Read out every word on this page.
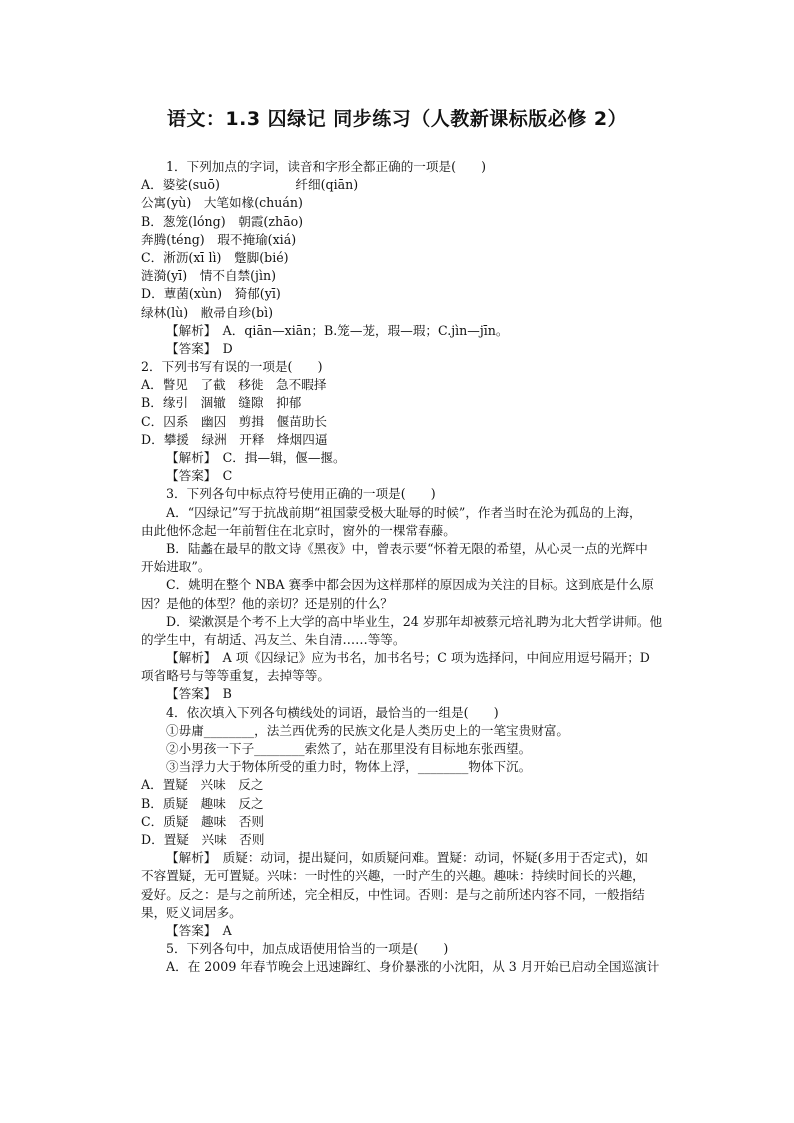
语文：1.3 囚绿记 同步练习（人教新课标版必修 2）
1．下列加点的字词，读音和字形全都正确的一项是(　　)
A．婆娑(suō)　　　　　　纤细(qiān)
公寓(yù)　大笔如椽(chuán)
B．葱笼(lóng)　朝霞(zhāo)
奔腾(téng)　瑕不掩瑜(xiá)
C．淅沥(xī lì)　蹩脚(bié)
涟漪(yī)　情不自禁(jìn)
D．蕈菌(xùn)　猗郁(yī)
绿林(lù)　敝帚自珍(bì)
【解析】　A．qiān—xiān；B.笼—茏，瑕—瑕；C.jìn—jīn。
【答案】　D
2．下列书写有误的一项是(　　)
A．瞥见　了截　移徙　急不暇择
B．缘引　涸辙　缝隙　抑郁
C．囚系　幽囚　剪揖　偃苗助长
D．攀援　绿洲　开释　烽烟四逼
【解析】　C．揖—辑，偃—揠。
【答案】　C
3．下列各句中标点符号使用正确的一项是(　　)
A．“囚绿记”写于抗战前期“祖国蒙受极大耻辱的时候”，作者当时在沦为孤岛的上海，
由此他怀念起一年前暂住在北京时，窗外的一棵常春藤。
B．陆蠡在最早的散文诗《黑夜》中，曾表示要“怀着无限的希望，从心灵一点的光辉中
开始进取”。
C．姚明在整个 NBA 赛季中都会因为这样那样的原因成为关注的目标。这到底是什么原
因？是他的体型？他的亲切？还是别的什么？
D．梁漱溟是个考不上大学的高中毕业生，24 岁那年却被蔡元培礼聘为北大哲学讲师。他
的学生中，有胡适、冯友兰、朱自清……等等。
【解析】　A 项《囚绿记》应为书名，加书名号；C 项为选择问，中间应用逗号隔开；D
项省略号与等等重复，去掉等等。
【答案】　B
4．依次填入下列各句横线处的词语，最恰当的一组是(　　)
①毋庸________，法兰西优秀的民族文化是人类历史上的一笔宝贵财富。
②小男孩一下子________索然了，站在那里没有目标地东张西望。
③当浮力大于物体所受的重力时，物体上浮，________物体下沉。
A．置疑　兴味　反之
B．质疑　趣味　反之
C．质疑　趣味　否则
D．置疑　兴味　否则
【解析】　质疑：动词，提出疑问，如质疑问难。置疑：动词，怀疑(多用于否定式)，如
不容置疑，无可置疑。兴味：一时性的兴趣，一时产生的兴趣。趣味：持续时间长的兴趣，
爱好。反之：是与之前所述，完全相反，中性词。否则：是与之前所述内容不同，一般指结
果，贬义词居多。
【答案】　A
5．下列各句中，加点成语使用恰当的一项是(　　)
A．在 2009 年春节晚会上迅速蹿红、身价暴涨的小沈阳，从 3 月开始已启动全国巡演计
